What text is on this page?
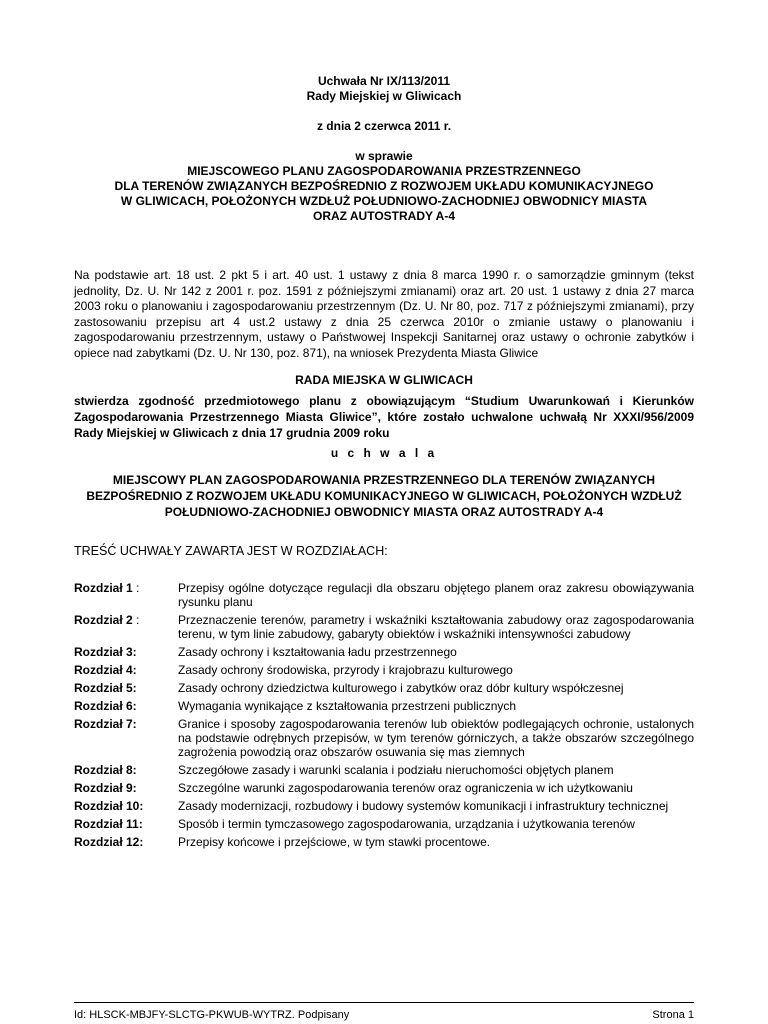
Uchwała Nr IX/113/2011
Rady Miejskiej w Gliwicach
z dnia 2 czerwca 2011 r.
w sprawie
MIEJSCOWEGO PLANU ZAGOSPODAROWANIA PRZESTRZENNEGO
DLA TERENÓW ZWIĄZANYCH BEZPOŚREDNIO Z ROZWOJEM UKŁADU KOMUNIKACYJNEGO
W GLIWICACH, POŁOŻONYCH WZDŁUŻ POŁUDNIOWO-ZACHODNIEJ OBWODNICY MIASTA
ORAZ AUTOSTRADY A-4
Na podstawie art. 18 ust. 2 pkt 5 i art. 40 ust. 1 ustawy z dnia 8 marca 1990 r. o samorządzie gminnym (tekst jednolity, Dz. U. Nr 142 z 2001 r. poz. 1591 z późniejszymi zmianami) oraz art. 20 ust. 1 ustawy z dnia 27 marca 2003 roku o planowaniu i zagospodarowaniu przestrzennym (Dz. U. Nr 80, poz. 717 z późniejszymi zmianami), przy zastosowaniu przepisu art 4 ust.2 ustawy z dnia 25 czerwca 2010r o zmianie ustawy o planowaniu i zagospodarowaniu przestrzennym, ustawy o Państwowej Inspekcji Sanitarnej oraz ustawy o ochronie zabytków i opiece nad zabytkami (Dz. U. Nr 130, poz. 871), na wniosek Prezydenta Miasta Gliwice
RADA MIEJSKA W GLIWICACH
stwierdza zgodność przedmiotowego planu z obowiązującym “Studium Uwarunkowań i Kierunków Zagospodarowania Przestrzennego Miasta Gliwice”, które zostało uchwalone uchwałą Nr XXXI/956/2009 Rady Miejskiej w Gliwicach z dnia 17 grudnia 2009 roku
u c h w a l a
MIEJSCOWY PLAN ZAGOSPODAROWANIA PRZESTRZENNEGO DLA TERENÓW ZWIĄZANYCH BEZPOŚREDNIO Z ROZWOJEM UKŁADU KOMUNIKACYJNEGO W GLIWICACH, POŁOŻONYCH WZDŁUŻ POŁUDNIOWO-ZACHODNIEJ OBWODNICY MIASTA ORAZ AUTOSTRADY A-4
TREŚĆ UCHWAŁY ZAWARTA JEST W ROZDZIAŁACH:
Rozdział 1 :	Przepisy ogólne dotyczące regulacji dla obszaru objętego planem oraz zakresu obowiązywania rysunku planu
Rozdział 2 :	Przeznaczenie terenów, parametry i wskaźniki kształtowania zabudowy oraz zagospodarowania terenu, w tym linie zabudowy, gabaryty obiektów i wskaźniki intensywności zabudowy
Rozdział 3:	Zasady ochrony i kształtowania ładu przestrzennego
Rozdział 4:	Zasady ochrony środowiska, przyrody i krajobrazu kulturowego
Rozdział 5:	Zasady ochrony dziedzictwa kulturowego i zabytków oraz dóbr kultury współczesnej
Rozdział 6:	Wymagania wynikające z kształtowania przestrzeni publicznych
Rozdział 7:	Granice i sposoby zagospodarowania terenów lub obiektów podlegających ochronie, ustalonych na podstawie odrębnych przepisów, w tym terenów górniczych, a także obszarów szczególnego zagrożenia powodzią oraz obszarów osuwania się mas ziemnych
Rozdział 8:	Szczegółowe zasady i warunki scalania i podziału nieruchomości objętych planem
Rozdział 9:	Szczególne warunki zagospodarowania terenów oraz ograniczenia w ich użytkowaniu
Rozdział 10:	Zasady modernizacji, rozbudowy i budowy systemów komunikacji i infrastruktury technicznej
Rozdział 11:	Sposób i termin tymczasowego zagospodarowania, urządzania i użytkowania terenów
Rozdział 12:	Przepisy końcowe i przejściowe, w tym stawki procentowe.
Id: HLSCK-MBJFY-SLCTG-PKWUB-WYTRZ. Podpisany	Strona 1
